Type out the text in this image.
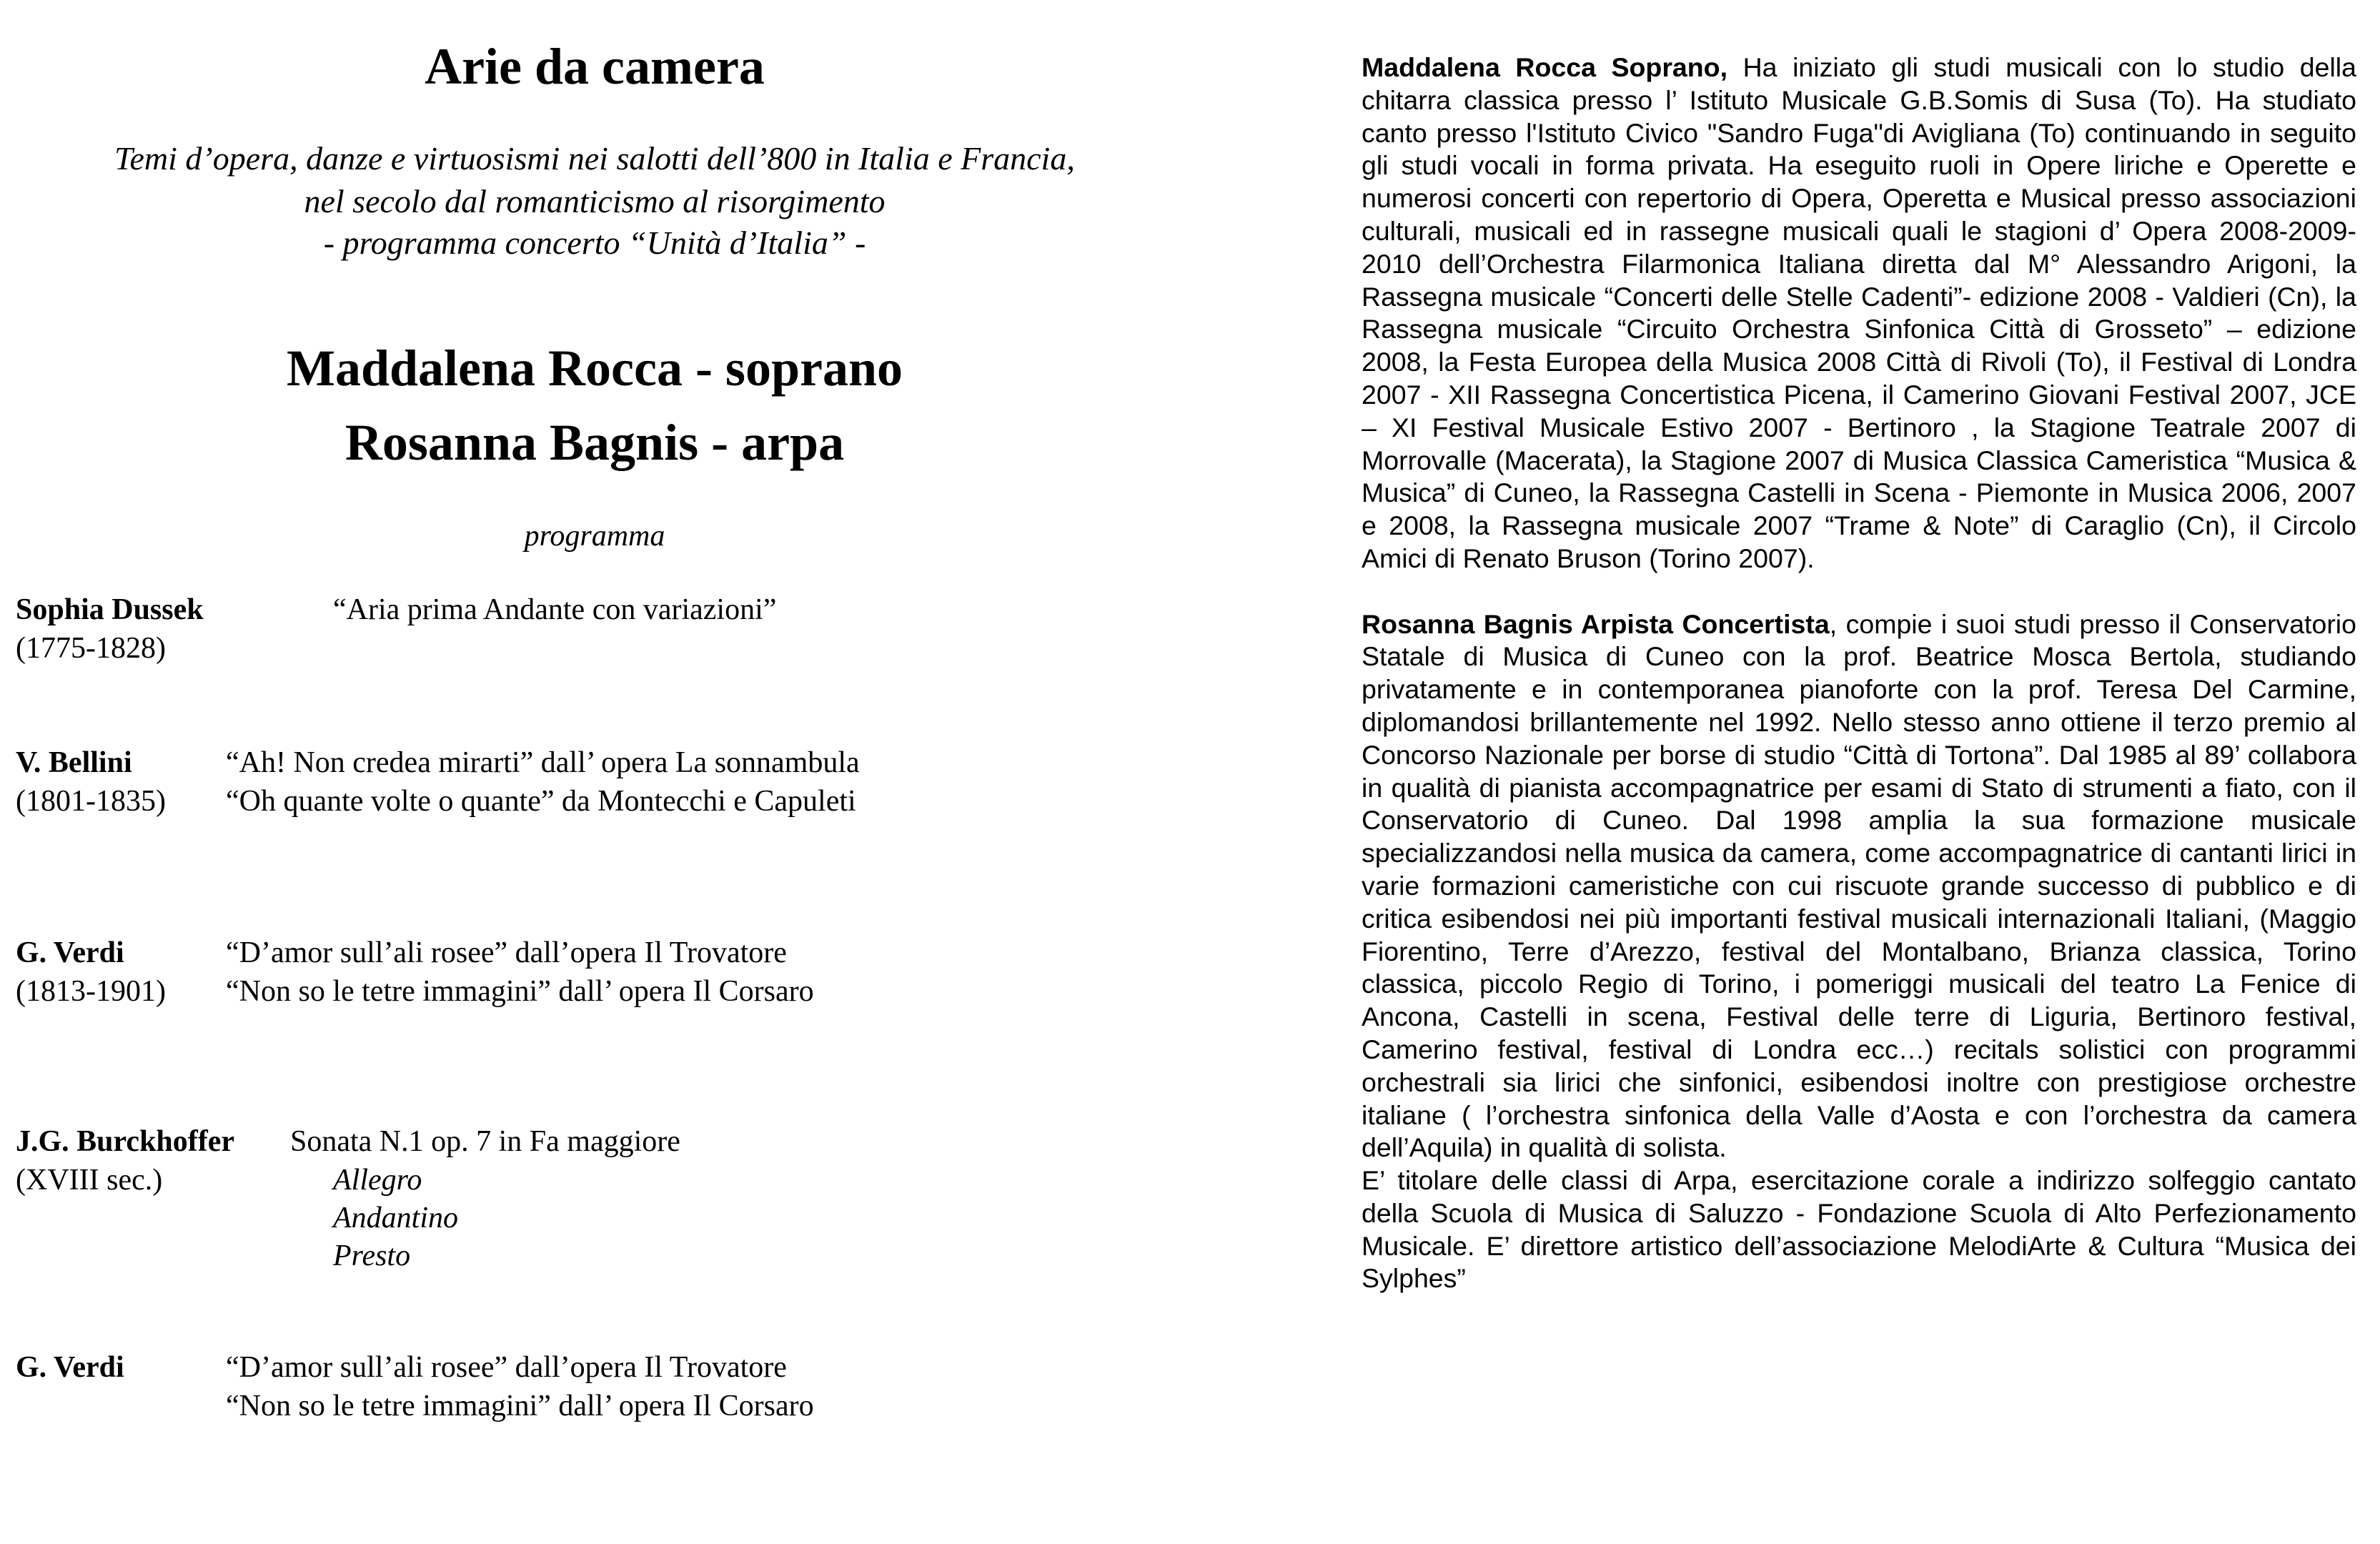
Arie da camera
Temi d’opera, danze e virtuosismi nei salotti dell’800 in Italia e Francia,
nel secolo dal romanticismo al risorgimento
- programma concerto “Unità d’Italia” -
Maddalena Rocca - soprano
Rosanna Bagnis - arpa
programma
Sophia Dussek
(1775-1828)
“Aria prima Andante con variazioni”
V. Bellini
(1801-1835)
“Ah! Non credea mirarti” dall’ opera La sonnambula
“Oh quante volte o quante” da Montecchi e Capuleti
G. Verdi
(1813-1901)
“D’amor sull’ali rosee” dall’opera Il Trovatore
“Non so le tetre immagini” dall’ opera Il Corsaro
J.G. Burckhoffer
(XVIII sec.)
Sonata N.1 op. 7 in Fa maggiore
Allegro
Andantino
Presto
G. Verdi	“D’amor sull’ali rosee” dall’opera Il Trovatore
“Non so le tetre immagini” dall’ opera Il Corsaro

Maddalena Rocca Soprano, Ha iniziato gli studi musicali con lo studio della chitarra classica presso l’ Istituto Musicale G.B.Somis di Susa (To). Ha studiato canto presso l'Istituto Civico "Sandro Fuga"di Avigliana (To) continuando in seguito gli studi vocali in forma privata. Ha eseguito ruoli in Opere liriche e Operette e numerosi concerti con repertorio di Opera, Operetta e Musical presso associazioni culturali, musicali ed in rassegne musicali quali le stagioni d’ Opera 2008-2009-2010 dell’Orchestra Filarmonica Italiana diretta dal M° Alessandro Arigoni, la Rassegna musicale “Concerti delle Stelle Cadenti”- edizione 2008 - Valdieri (Cn), la Rassegna musicale “Circuito Orchestra Sinfonica Città di Grosseto” – edizione 2008, la Festa Europea della Musica 2008 Città di Rivoli (To), il Festival di Londra 2007 - XII Rassegna Concertistica Picena, il Camerino Giovani Festival 2007, JCE – XI Festival Musicale Estivo 2007 - Bertinoro , la Stagione Teatrale 2007 di Morrovalle (Macerata), la Stagione 2007 di Musica Classica Cameristica “Musica & Musica” di Cuneo, la Rassegna Castelli in Scena - Piemonte in Musica 2006, 2007 e 2008, la Rassegna musicale 2007 “Trame & Note” di Caraglio (Cn), il Circolo Amici di Renato Bruson (Torino 2007).

Rosanna Bagnis Arpista Concertista, compie i suoi studi presso il Conservatorio Statale di Musica di Cuneo con la prof. Beatrice Mosca Bertola, studiando privatamente e in contemporanea pianoforte con la prof. Teresa Del Carmine, diplomandosi brillantemente nel 1992. Nello stesso anno ottiene il terzo premio al Concorso Nazionale per borse di studio “Città di Tortona”. Dal 1985 al 89’ collabora in qualità di pianista accompagnatrice per esami di Stato di strumenti a fiato, con il Conservatorio di Cuneo. Dal 1998 amplia la sua formazione musicale specializzandosi nella musica da camera, come accompagnatrice di cantanti lirici in varie formazioni cameristiche con cui riscuote grande successo di pubblico e di critica esibendosi nei più importanti festival musicali internazionali Italiani, (Maggio Fiorentino, Terre d’Arezzo, festival del Montalbano, Brianza classica, Torino classica, piccolo Regio di Torino, i pomeriggi musicali del teatro La Fenice di Ancona, Castelli in scena, Festival delle terre di Liguria, Bertinoro festival, Camerino festival, festival di Londra ecc…) recitals solistici con programmi orchestrali sia lirici che sinfonici, esibendosi inoltre con prestigiose orchestre italiane ( l’orchestra sinfonica della Valle d’Aosta e con l’orchestra da camera dell’Aquila) in qualità di solista.

E’ titolare delle classi di Arpa, esercitazione corale a indirizzo solfeggio cantato della Scuola di Musica di Saluzzo - Fondazione Scuola di Alto Perfezionamento Musicale. E’ direttore artistico dell’associazione MelodiArte & Cultura “Musica dei Sylphes”
